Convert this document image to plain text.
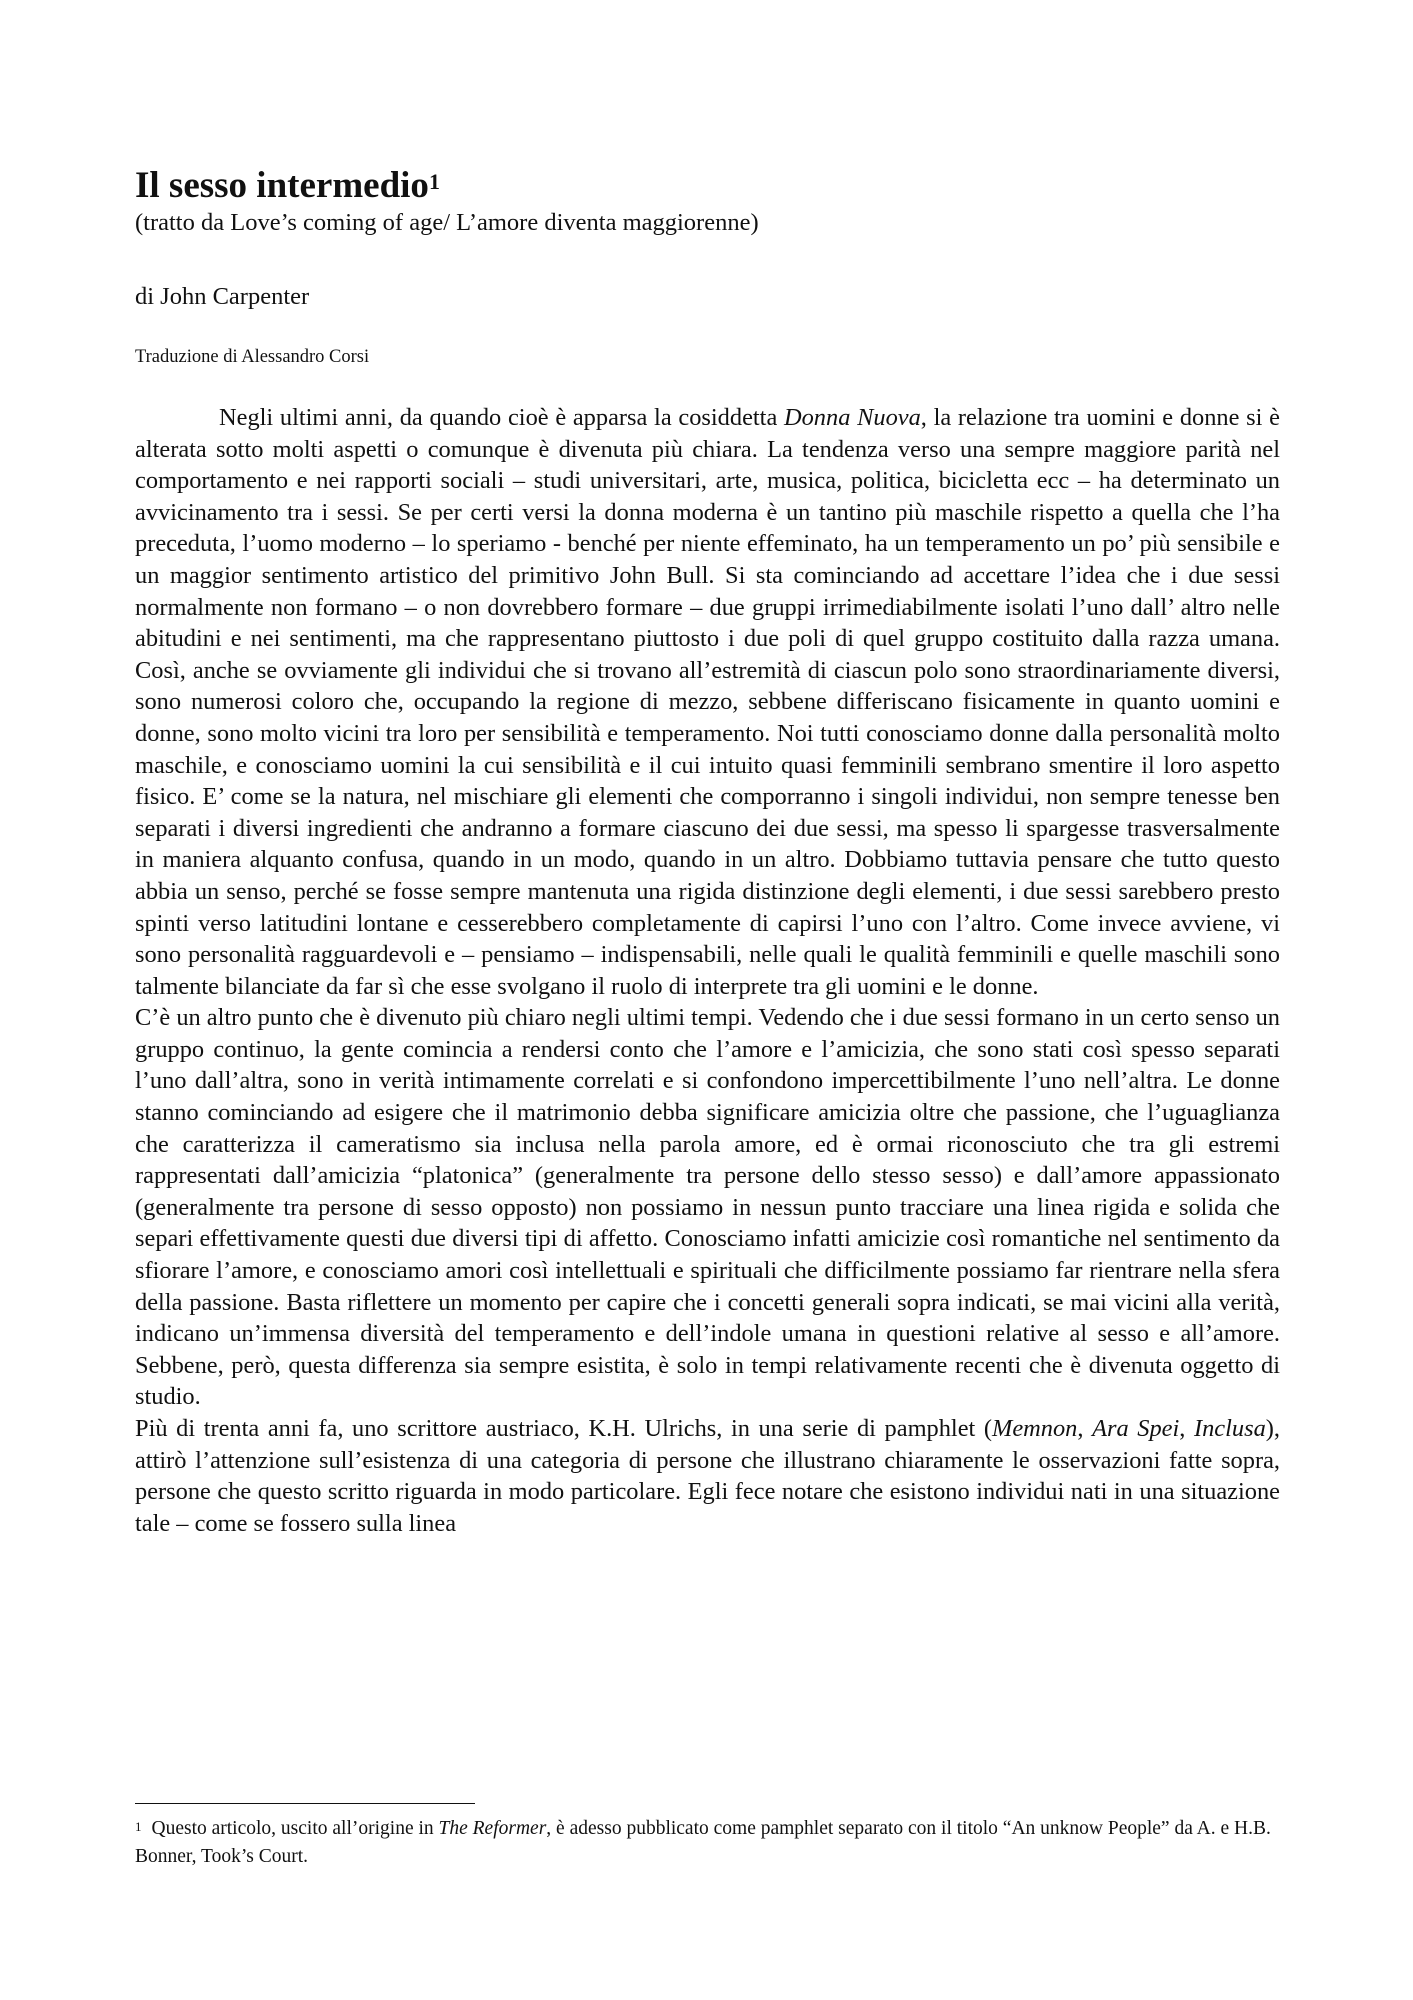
Il sesso intermedio$^1$

(tratto da Love’s coming of age/ L’amore diventa maggiorenne)

di John Carpenter

Traduzione di Alessandro Corsi

Negli ultimi anni, da quando cioè è apparsa la cosiddetta Donna Nuova, la relazione tra uomini e donne si è alterata sotto molti aspetti o comunque è divenuta più chiara. La tendenza verso una sempre maggiore parità nel comportamento e nei rapporti sociali – studi universitari, arte, musica, politica, bicicletta ecc – ha determinato un avvicinamento tra i sessi. Se per certi versi la donna moderna è un tantino più maschile rispetto a quella che l’ha preceduta, l’uomo moderno – lo speriamo - benché per niente effeminato, ha un temperamento un po’ più sensibile e un maggior sentimento artistico del primitivo John Bull. Si sta cominciando ad accettare l’idea che i due sessi normalmente non formano – o non dovrebbero formare – due gruppi irrimediabilmente isolati l’uno dall’ altro nelle abitudini e nei sentimenti, ma che rappresentano piuttosto i due poli di quel gruppo costituito dalla razza umana. Così, anche se ovviamente gli individui che si trovano all’estremità di ciascun polo sono straordinariamente diversi, sono numerosi coloro che, occupando la regione di mezzo, sebbene differiscano fisicamente in quanto uomini e donne, sono molto vicini tra loro per sensibilità e temperamento. Noi tutti conosciamo donne dalla personalità molto maschile, e conosciamo uomini la cui sensibilità e il cui intuito quasi femminili sembrano smentire il loro aspetto fisico. E’ come se la natura, nel mischiare gli elementi che comporranno i singoli individui, non sempre tenesse ben separati i diversi ingredienti che andranno a formare ciascuno dei due sessi, ma spesso li spargesse trasversalmente in maniera alquanto confusa, quando in un modo, quando in un altro. Dobbiamo tuttavia pensare che tutto questo abbia un senso, perché se fosse sempre mantenuta una rigida distinzione degli elementi, i due sessi sarebbero presto spinti verso latitudini lontane e cesserebbero completamente di capirsi l’uno con l’altro. Come invece avviene, vi sono personalità ragguardevoli e – pensiamo – indispensabili, nelle quali le qualità femminili e quelle maschili sono talmente bilanciate da far sì che esse svolgano il ruolo di interprete tra gli uomini e le donne.

C’è un altro punto che è divenuto più chiaro negli ultimi tempi. Vedendo che i due sessi formano in un certo senso un gruppo continuo, la gente comincia a rendersi conto che l’amore e l’amicizia, che sono stati così spesso separati l’uno dall’altra, sono in verità intimamente correlati e si confondono impercettibilmente l’uno nell’altra. Le donne stanno cominciando ad esigere che il matrimonio debba significare amicizia oltre che passione, che l’uguaglianza che caratterizza il cameratismo sia inclusa nella parola amore, ed è ormai riconosciuto che tra gli estremi rappresentati dall’amicizia “platonica” (generalmente tra persone dello stesso sesso) e dall’amore appassionato (generalmente tra persone di sesso opposto) non possiamo in nessun punto tracciare una linea rigida e solida che separi effettivamente questi due diversi tipi di affetto. Conosciamo infatti amicizie così romantiche nel sentimento da sfiorare l’amore, e conosciamo amori così intellettuali e spirituali che difficilmente possiamo far rientrare nella sfera della passione. Basta riflettere un momento per capire che i concetti generali sopra indicati, se mai vicini alla verità, indicano un’immensa diversità del temperamento e dell’indole umana in questioni relative al sesso e all’amore. Sebbene, però, questa differenza sia sempre esistita, è solo in tempi relativamente recenti che è divenuta oggetto di studio.

Più di trenta anni fa, uno scrittore austriaco, K.H. Ulrichs, in una serie di pamphlet (Memnon, Ara Spei, Inclusa), attirò l’attenzione sull’esistenza di una categoria di persone che illustrano chiaramente le osservazioni fatte sopra, persone che questo scritto riguarda in modo particolare. Egli fece notare che esistono individui nati in una situazione tale – come se fossero sulla linea

$^1$ Questo articolo, uscito all’origine in The Reformer, è adesso pubblicato come pamphlet separato con il titolo “An unknow People” da A. e H.B. Bonner, Took’s Court.
